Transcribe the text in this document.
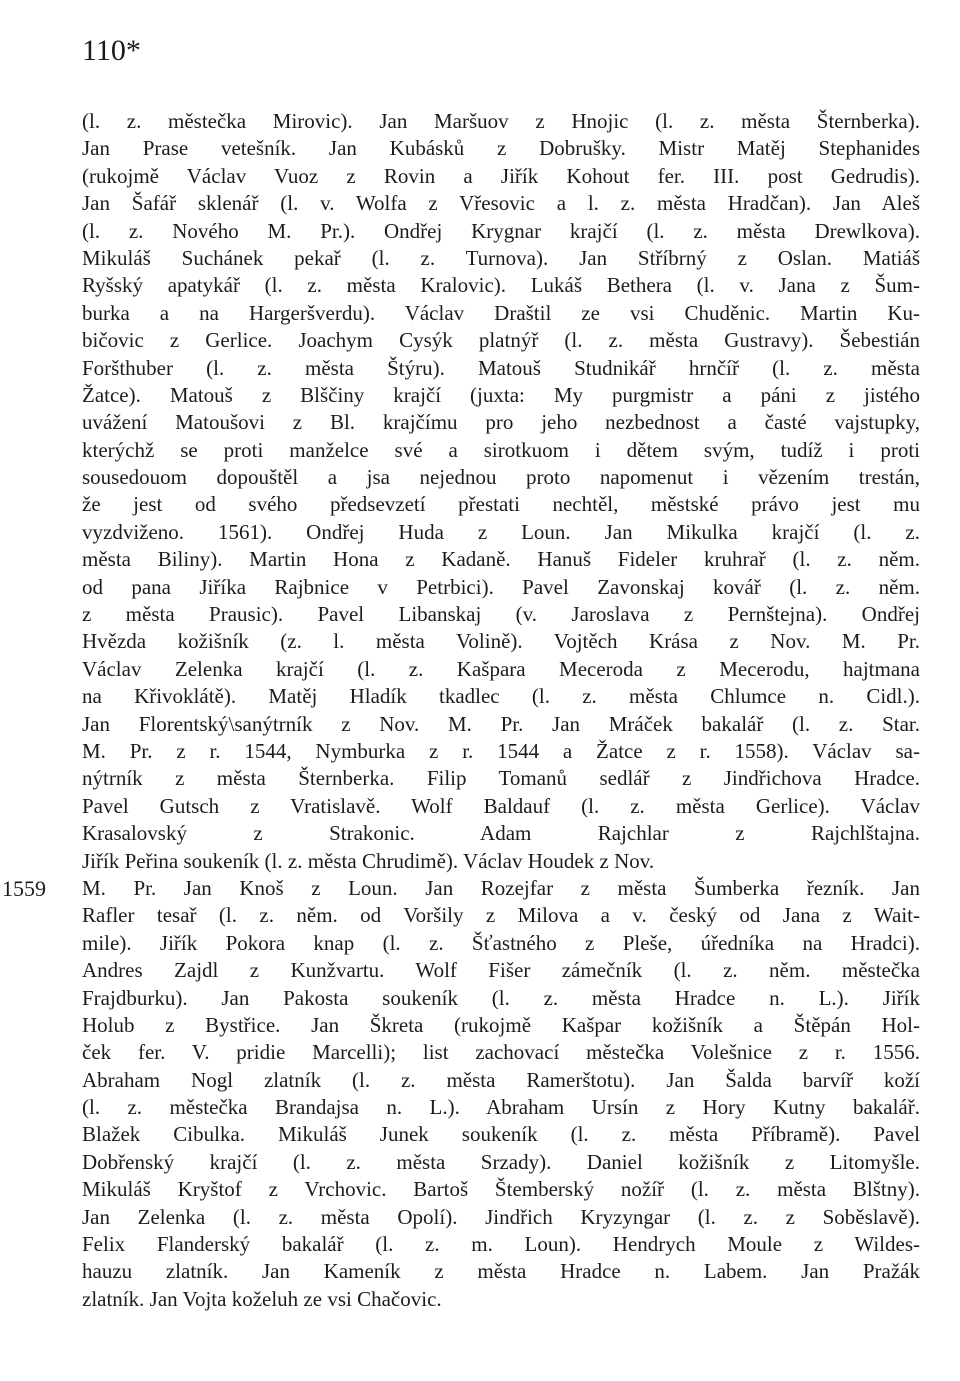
110*
1559
(l. z. městečka Mirovic). Jan Maršuov z Hnojic (l. z. města Šternberka).
Jan Prase vetešník. Jan Kubásků z Dobrušky. Mistr Matěj Stephanides
(rukojmě Václav Vuoz z Rovin a Jiřík Kohout fer. III. post Gedrudis).
Jan Šafář sklenář (l. v. Wolfa z Vřesovic a l. z. města Hradčan). Jan Aleš
(l. z. Nového M. Pr.). Ondřej Krygnar krajčí (l. z. města Drewlkova).
Mikuláš Suchánek pekař (l. z. Turnova). Jan Stříbrný z Oslan. Matiáš
Ryšský apatykář (l. z. města Kralovic). Lukáš Bethera (l. v. Jana z Šum-
burka a na Hargeršverdu). Václav Draštil ze vsi Chuděnic. Martin Ku-
bičovic z Gerlice. Joachym Cysýk platnýř (l. z. města Gustravy). Šebestián
Foršthuber (l. z. města Štýru). Matouš Studnikář hrnčíř (l. z. města
Žatce). Matouš z Blščiny krajčí (juxta: My purgmistr a páni z jistého
uvážení Matoušovi z Bl. krajčímu pro jeho nezbednost a časté vajstupky,
kterýchž se proti manželce své a sirotkuom i dětem svým, tudíž i proti
sousedouom dopouštěl a jsa nejednou proto napomenut i vězením trestán,
že jest od svého předsevzetí přestati nechtěl, městské právo jest mu
vyzdviženo. 1561). Ondřej Huda z Loun. Jan Mikulka krajčí (l. z.
města Biliny). Martin Hona z Kadaně. Hanuš Fideler kruhrař (l. z. něm.
od pana Jiříka Rajbnice v Petrbici). Pavel Zavonskaj kovář (l. z. něm.
z města Prausic). Pavel Libanskaj (v. Jaroslava z Pernštejna). Ondřej
Hvězda kožišník (z. l. města Volině). Vojtěch Krása z Nov. M. Pr.
Václav Zelenka krajčí (l. z. Kašpara Meceroda z Mecerodu, hajtmana
na Křivoklátě). Matěj Hladík tkadlec (l. z. města Chlumce n. Cidl.).
Jan Florentský\sanýtrník z Nov. M. Pr. Jan Mráček bakalář (l. z. Star.
M. Pr. z r. 1544, Nymburka z r. 1544 a Žatce z r. 1558). Václav sa-
nýtrník z města Šternberka. Filip Tomanů sedlář z Jindřichova Hradce.
Pavel Gutsch z Vratislavě. Wolf Baldauf (l. z. města Gerlice). Václav
Krasalovský z Strakonic. Adam Rajchlar z Rajchlštajna.
Jiřík Peřina soukeník (l. z. města Chrudimě). Václav Houdek z Nov.
M. Pr. Jan Knoš z Loun. Jan Rozejfar z města Šumberka řezník. Jan
Rafler tesař (l. z. něm. od Voršily z Milova a v. český od Jana z Wait-
mile). Jiřík Pokora knap (l. z. Šťastného z Pleše, úředníka na Hradci).
Andres Zajdl z Kunžvartu. Wolf Fišer zámečník (l. z. něm. městečka
Frajdburku). Jan Pakosta soukeník (l. z. města Hradce n. L.). Jiřík
Holub z Bystřice. Jan Škreta (rukojmě Kašpar kožišník a Štěpán Hol-
ček fer. V. pridie Marcelli); list zachovací městečka Volešnice z r. 1556.
Abraham Nogl zlatník (l. z. města Ramerštotu). Jan Šalda barvíř koží
(l. z. městečka Brandajsa n. L.). Abraham Ursín z Hory Kutny bakalář.
Blažek Cibulka. Mikuláš Junek soukeník (l. z. města Příbramě). Pavel
Dobřenský krajčí (l. z. města Srzady). Daniel kožišník z Litomyšle.
Mikuláš Kryštof z Vrchovic. Bartoš Štemberský nožíř (l. z. města Blštny).
Jan Zelenka (l. z. města Opolí). Jindřich Kryzyngar (l. z. z Soběslavě).
Felix Flanderský bakalář (l. z. m. Loun). Hendrych Moule z Wildes-
hauzu zlatník. Jan Kameník z města Hradce n. Labem. Jan Pražák
zlatník. Jan Vojta koželuh ze vsi Chačovic.
